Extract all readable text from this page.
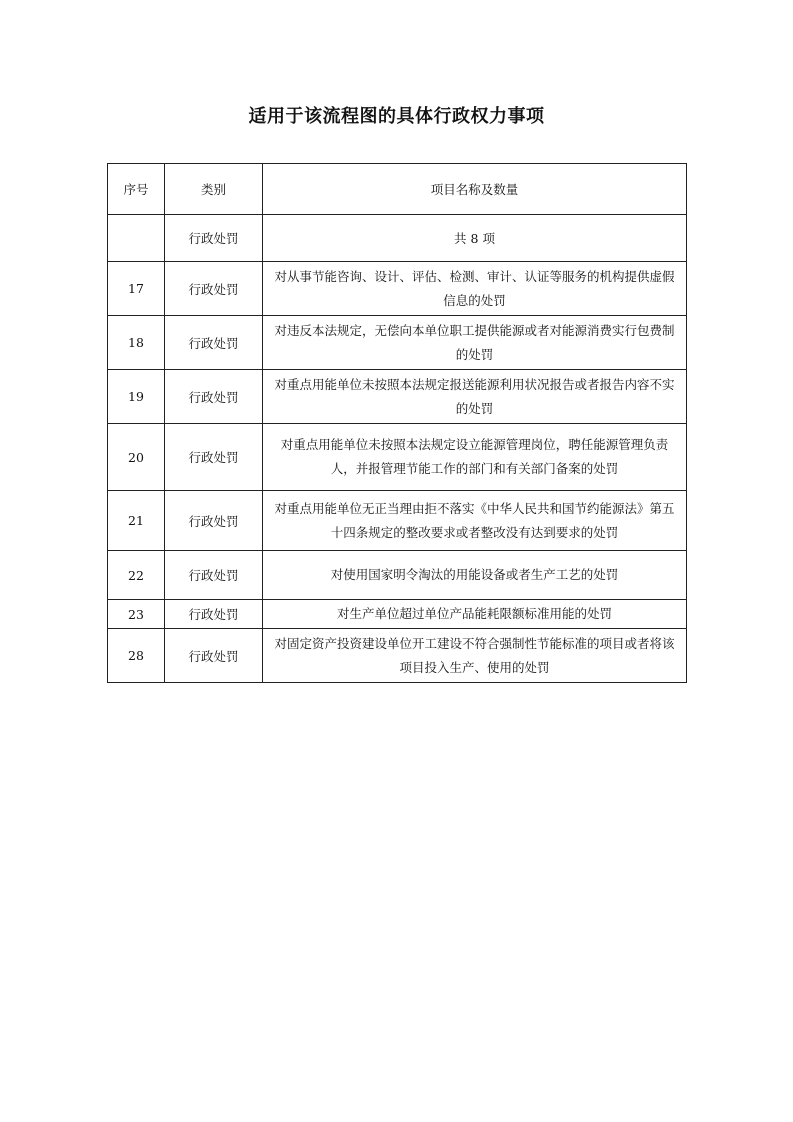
适用于该流程图的具体行政权力事项
序号	类别	项目名称及数量
	行政处罚	共 8 项
17	行政处罚	对从事节能咨询、设计、评估、检测、审计、认证等服务的机构提供虚假信息的处罚
18	行政处罚	对违反本法规定，无偿向本单位职工提供能源或者对能源消费实行包费制的处罚
19	行政处罚	对重点用能单位未按照本法规定报送能源利用状况报告或者报告内容不实的处罚
20	行政处罚	对重点用能单位未按照本法规定设立能源管理岗位，聘任能源管理负责人，并报管理节能工作的部门和有关部门备案的处罚
21	行政处罚	对重点用能单位无正当理由拒不落实《中华人民共和国节约能源法》第五十四条规定的整改要求或者整改没有达到要求的处罚
22	行政处罚	对使用国家明令淘汰的用能设备或者生产工艺的处罚
23	行政处罚	对生产单位超过单位产品能耗限额标准用能的处罚
28	行政处罚	对固定资产投资建设单位开工建设不符合强制性节能标准的项目或者将该项目投入生产、使用的处罚
